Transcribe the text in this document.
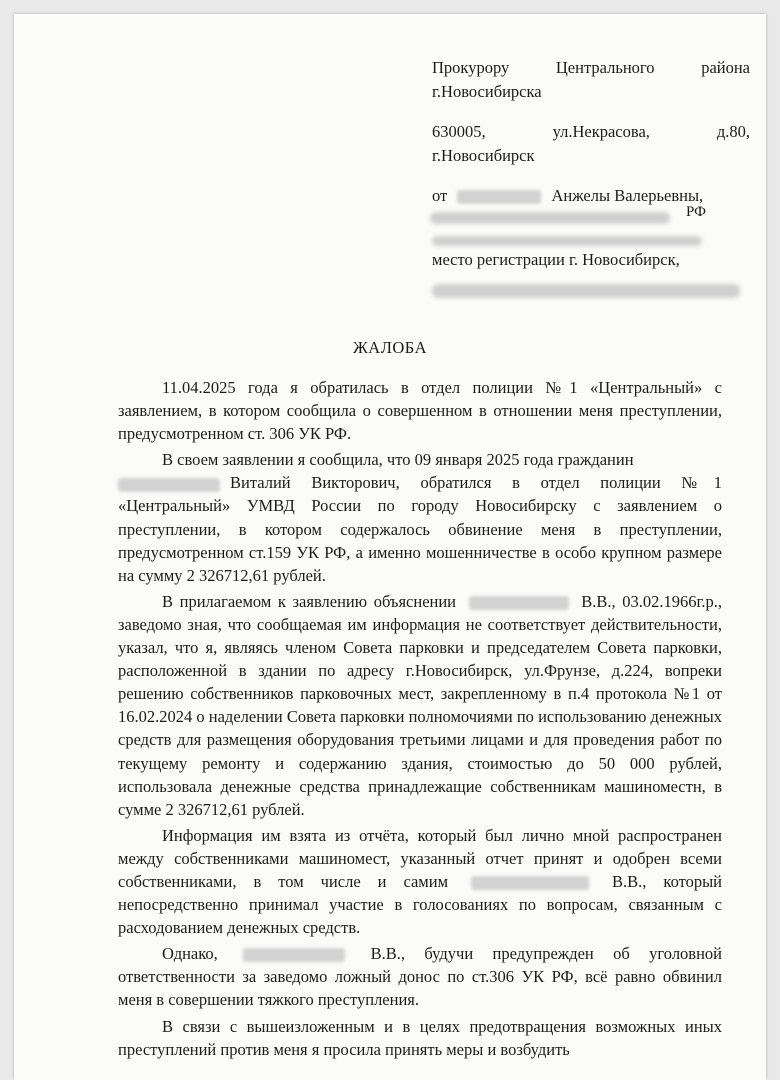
Прокурору Центрального района
г.Новосибирска
630005, ул.Некрасова, д.80,
г.Новосибирск
от	Анжелы Валерьевны,
РФ
место регистрации г. Новосибирск,
ЖАЛОБА

11.04.2025 года я обратилась в отдел полиции №1 «Центральный» с заявлением, в котором сообщила о совершенном в отношении меня преступлении, предусмотренном ст. 306 УК РФ.

В своем заявлении я сообщила, что 09 января 2025 года гражданин
Виталий Викторович, обратился в отдел полиции №1 «Центральный» УМВД России по городу Новосибирску с заявлением о преступлении, в котором содержалось обвинение меня в преступлении, предусмотренном ст.159 УК РФ, а именно мошенничестве в особо крупном размере на сумму 2 326712,61 рублей.

В прилагаемом к заявлению объяснении	В.В., 03.02.1966г.р., заведомо зная, что сообщаемая им информация не соответствует действительности, указал, что я, являясь членом Совета парковки и председателем Совета парковки, расположенной в здании по адресу г.Новосибирск, ул.Фрунзе, д.224, вопреки решению собственников парковочных мест, закрепленному в п.4 протокола №1 от 16.02.2024 о наделении Совета парковки полномочиями по использованию денежных средств для размещения оборудования третьими лицами и для проведения работ по текущему ремонту и содержанию здания, стоимостью до 50 000 рублей, использовала денежные средства принадлежащие собственникам машиноместн, в сумме 2 326712,61 рублей.

Информация им взята из отчёта, который был лично мной распространен между собственниками машиномест, указанный отчет принят и одобрен всеми собственниками, в том числе и самим	В.В., который непосредственно принимал участие в голосованиях по вопросам, связанным с расходованием денежных средств.

Однако,	В.В., будучи предупрежден об уголовной ответственности за заведомо ложный донос по ст.306 УК РФ, всё равно обвинил меня в совершении тяжкого преступления.

В связи с вышеизложенным и в целях предотвращения возможных иных преступлений против меня я просила принять меры и возбудить
